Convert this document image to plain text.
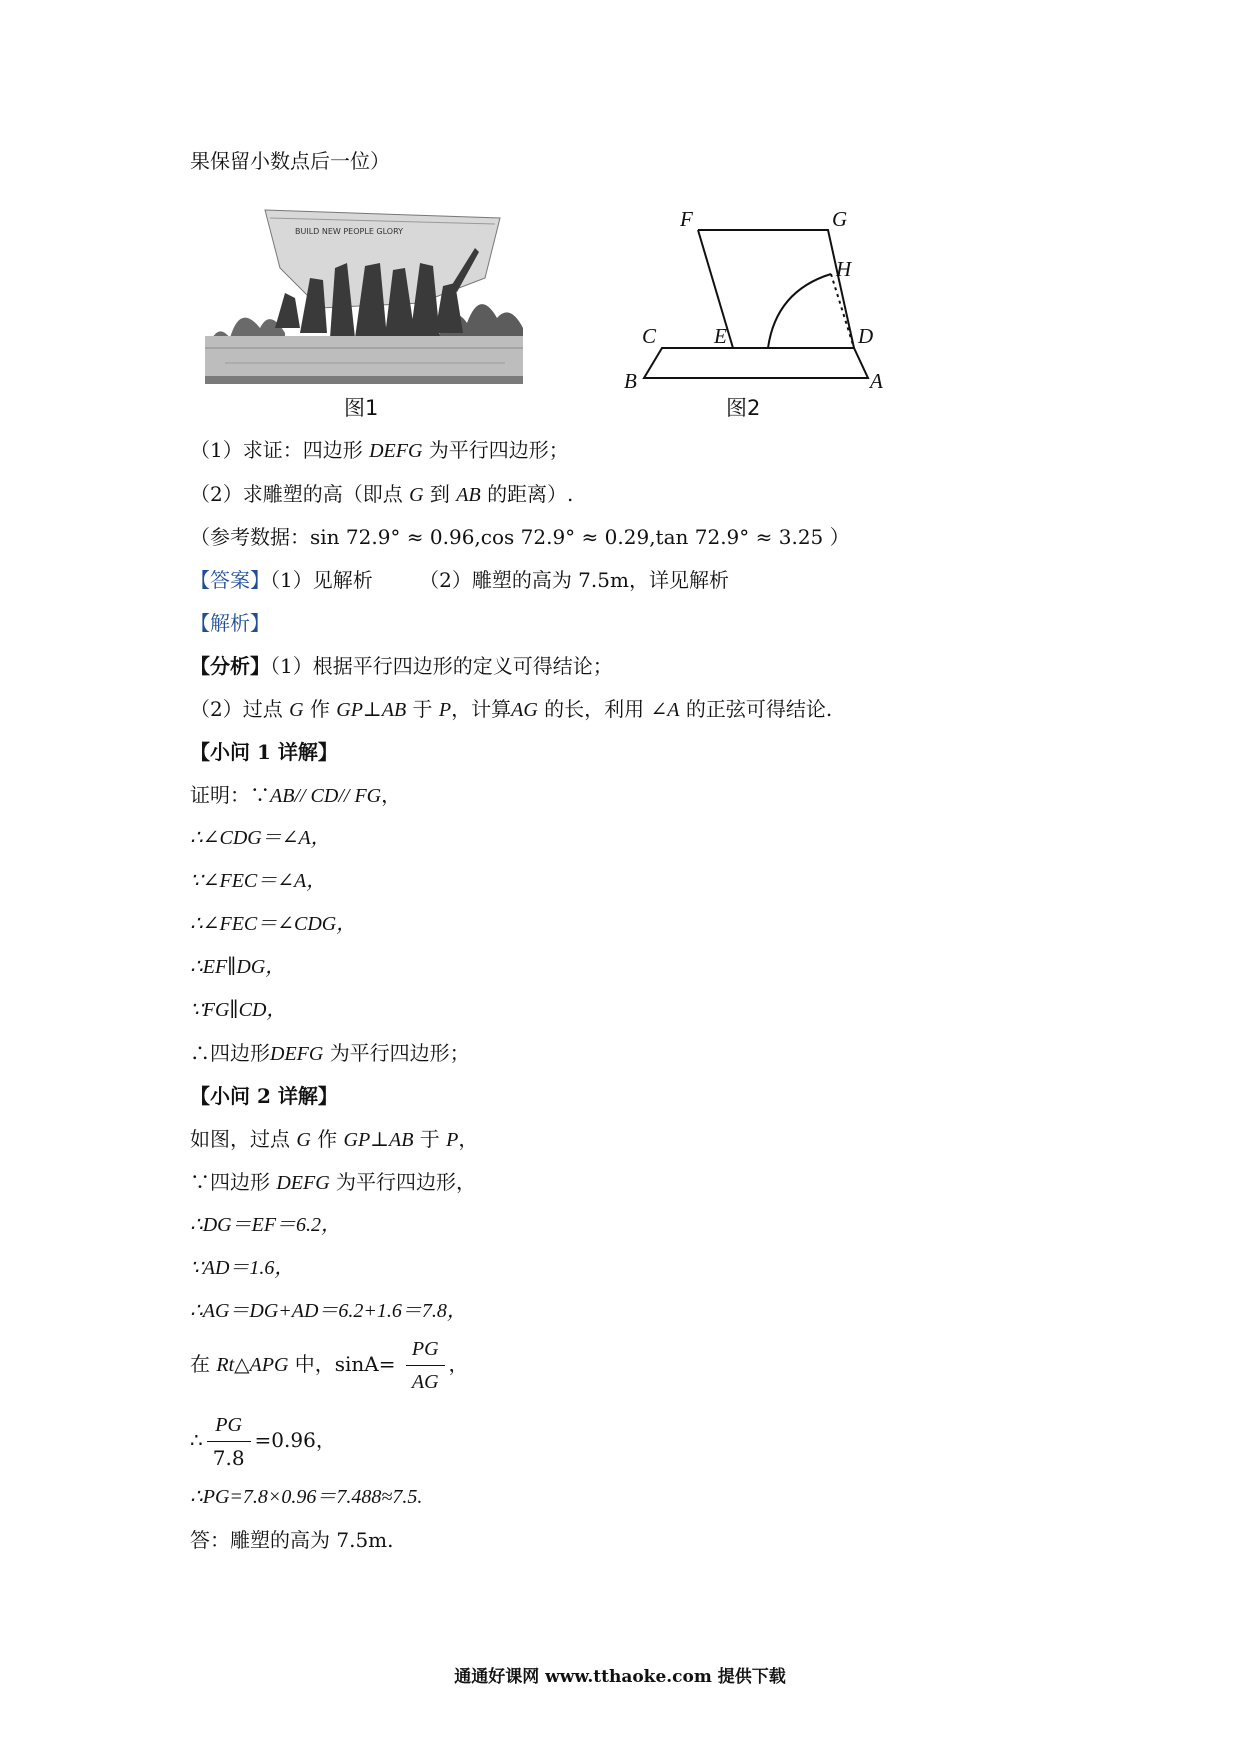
果保留小数点后一位）
BUILD NEW PEOPLE GLORY
图1
F	G
H
C	E	D
B	A
图2
（1）求证：四边形 DEFG 为平行四边形；
（2）求雕塑的高（即点 G 到 AB 的距离）.
（参考数据：sin 72.9° ≈ 0.96,cos 72.9° ≈ 0.29,tan 72.9° ≈ 3.25 ）
【答案】（1）见解析 （2）雕塑的高为 7.5m，详见解析
【解析】
【分析】（1）根据平行四边形的定义可得结论；
（2）过点 G 作 GP⊥AB 于 P，计算AG 的长，利用 ∠A 的正弦可得结论.
【小问 1 详解】
证明：∵AB// CD// FG，
∴∠CDG＝∠A，
∵∠FEC＝∠A，
∴∠FEC＝∠CDG，
∴EF∥DG，
∵FG∥CD，
∴四边形DEFG 为平行四边形；
【小问 2 详解】
如图，过点 G 作 GP⊥AB 于 P，
∵四边形 DEFG 为平行四边形，
∴DG＝EF＝6.2，
∵AD＝1.6，
∴AG＝DG+AD＝6.2+1.6＝7.8，
在 Rt△APG 中，$\sin A= \frac{PG}{AG}$ ，
∴ $\frac{PG}{7.8} =0.96$，
∴PG=7.8×0.96＝7.488≈7.5.
答：雕塑的高为 7.5m.
通通好课网 www.tthaoke.com 提供下载
